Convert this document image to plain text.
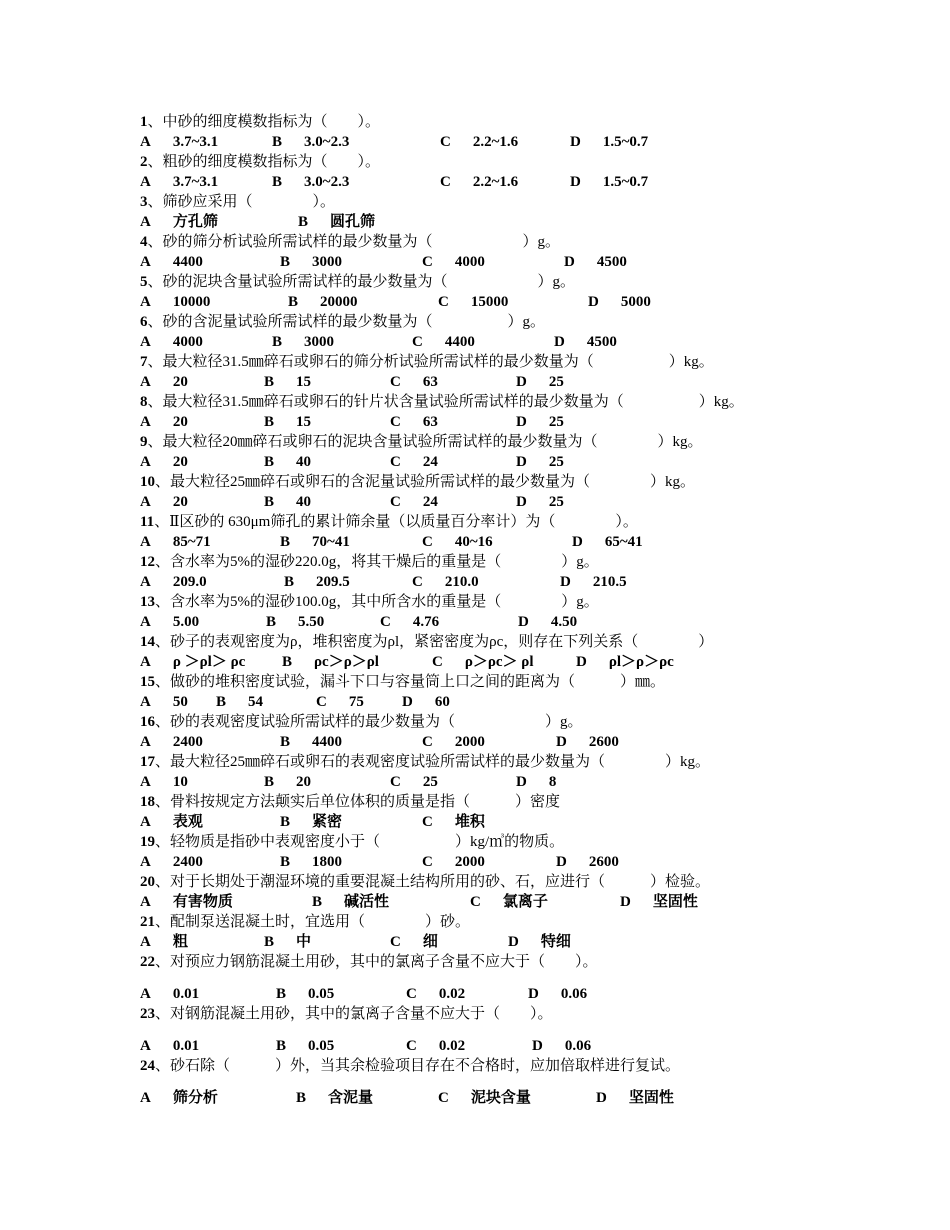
1、中砂的细度模数指标为（　　）。
A 3.7~3.1	B 3.0~2.3	C 2.2~1.6	D 1.5~0.7
2、粗砂的细度模数指标为（　　）。
A 3.7~3.1	B 3.0~2.3	C 2.2~1.6	D 1.5~0.7
3、筛砂应采用（　　　　）。
A 方孔筛	B 圆孔筛
4、砂的筛分析试验所需试样的最少数量为（　　　　　　）g。
A 4400	B 3000	C 4000	D 4500
5、砂的泥块含量试验所需试样的最少数量为（　　　　　　）g。
A 10000	B 20000	C 15000	D 5000
6、砂的含泥量试验所需试样的最少数量为（　　　　　）g。
A 4000	B 3000	C 4400	D 4500
7、最大粒径31.5㎜碎石或卵石的筛分析试验所需试样的最少数量为（　　　　　）kg。
A 20	B 15	C 63	D 25
8、最大粒径31.5㎜碎石或卵石的针片状含量试验所需试样的最少数量为（　　　　　）kg。
A 20	B 15	C 63	D 25
9、最大粒径20㎜碎石或卵石的泥块含量试验所需试样的最少数量为（　　　　）kg。
A 20	B 40	C 24	D 25
10、最大粒径25㎜碎石或卵石的含泥量试验所需试样的最少数量为（　　　　）kg。
A 20	B 40	C 24	D 25
11、Ⅱ区砂的 630μm筛孔的累计筛余量（以质量百分率计）为（　　　　）。
A 85~71	B 70~41	C 40~16	D 65~41
12、含水率为5%的湿砂220.0g，将其干燥后的重量是（　　　　）g。
A 209.0	B 209.5	C 210.0	D 210.5
13、含水率为5%的湿砂100.0g，其中所含水的重量是（　　　　）g。
A 5.00	B 5.50	C 4.76	D 4.50
14、砂子的表观密度为ρ，堆积密度为ρl，紧密密度为ρc，则存在下列关系（　　　　）
A ρ ＞ρl＞ ρc B ρc＞ρ＞ρl	C ρ＞ρc＞ ρl	D ρl＞ρ＞ρc
15、做砂的堆积密度试验，漏斗下口与容量筒上口之间的距离为（　　　）㎜。
A 50 B 54	C 75	D 60
16、砂的表观密度试验所需试样的最少数量为（　　　　　　）g。
A 2400	B 4400	C 2000	D 2600
17、最大粒径25㎜碎石或卵石的表观密度试验所需试样的最少数量为（　　　　）kg。
A 10	B 20	C 25	D 8
18、骨料按规定方法颠实后单位体积的质量是指（　　　）密度
A 表观	B 紧密	C 堆积
19、轻物质是指砂中表观密度小于（　　　　　）kg/㎥的物质。
A 2400	B 1800	C 2000	D 2600
20、对于长期处于潮湿环境的重要混凝土结构所用的砂、石，应进行（　　　）检验。
A 有害物质	B 碱活性	C 氯离子	D 坚固性
21、配制泵送混凝土时，宜选用（　　　　）砂。
A 粗	B 中	C 细	D 特细
22、对预应力钢筋混凝土用砂，其中的氯离子含量不应大于（　　）。
A 0.01	B 0.05	C 0.02	D 0.06
23、对钢筋混凝土用砂，其中的氯离子含量不应大于（　　）。
A 0.01	B 0.05	C 0.02	D 0.06
24、砂石除（　　　）外，当其余检验项目存在不合格时，应加倍取样进行复试。
A 筛分析	B 含泥量	C 泥块含量	D 坚固性
